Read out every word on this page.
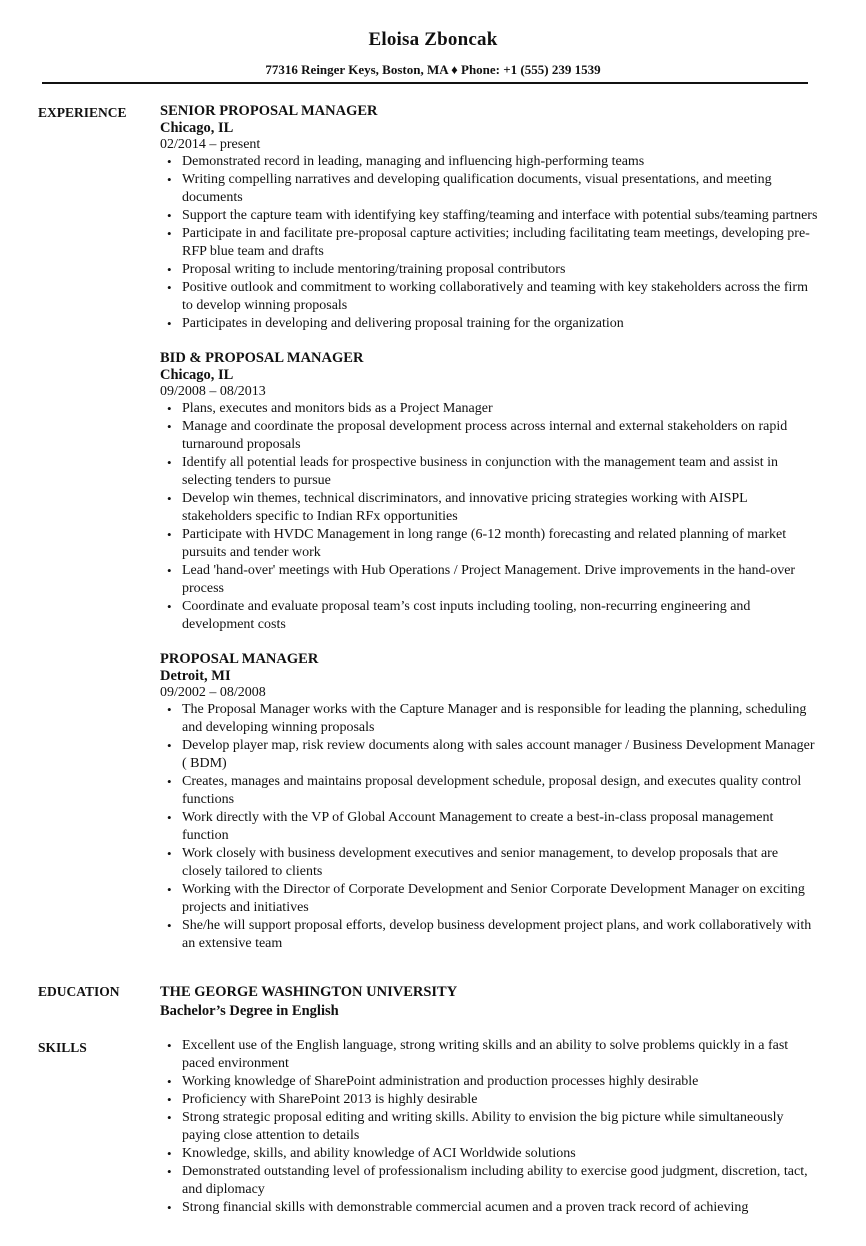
Eloisa Zboncak
77316 Reinger Keys, Boston, MA ♦ Phone: +1 (555) 239 1539
EXPERIENCE	SENIOR PROPOSAL MANAGER
Chicago, IL
02/2014 – present
• Demonstrated record in leading, managing and influencing high-performing teams
• Writing compelling narratives and developing qualification documents, visual presentations, and meeting documents
• Support the capture team with identifying key staffing/teaming and interface with potential subs/teaming partners
• Participate in and facilitate pre-proposal capture activities; including facilitating team meetings, developing pre-RFP blue team and drafts
• Proposal writing to include mentoring/training proposal contributors
• Positive outlook and commitment to working collaboratively and teaming with key stakeholders across the firm to develop winning proposals
• Participates in developing and delivering proposal training for the organization
BID & PROPOSAL MANAGER
Chicago, IL
09/2008 – 08/2013
• Plans, executes and monitors bids as a Project Manager
• Manage and coordinate the proposal development process across internal and external stakeholders on rapid turnaround proposals
• Identify all potential leads for prospective business in conjunction with the management team and assist in selecting tenders to pursue
• Develop win themes, technical discriminators, and innovative pricing strategies working with AISPL stakeholders specific to Indian RFx opportunities
• Participate with HVDC Management in long range (6-12 month) forecasting and related planning of market pursuits and tender work
• Lead 'hand-over' meetings with Hub Operations / Project Management. Drive improvements in the hand-over process
• Coordinate and evaluate proposal team’s cost inputs including tooling, non-recurring engineering and development costs
PROPOSAL MANAGER
Detroit, MI
09/2002 – 08/2008
• The Proposal Manager works with the Capture Manager and is responsible for leading the planning, scheduling and developing winning proposals
• Develop player map, risk review documents along with sales account manager / Business Development Manager ( BDM)
• Creates, manages and maintains proposal development schedule, proposal design, and executes quality control functions
• Work directly with the VP of Global Account Management to create a best-in-class proposal management function
• Work closely with business development executives and senior management, to develop proposals that are closely tailored to clients
• Working with the Director of Corporate Development and Senior Corporate Development Manager on exciting projects and initiatives
• She/he will support proposal efforts, develop business development project plans, and work collaboratively with an extensive team
EDUCATION	THE GEORGE WASHINGTON UNIVERSITY
Bachelor’s Degree in English
SKILLS
•	Excellent use of the English language, strong writing skills and an ability to solve problems quickly in a fast paced environment
• Working knowledge of SharePoint administration and production processes highly desirable
• Proficiency with SharePoint 2013 is highly desirable
• Strong strategic proposal editing and writing skills. Ability to envision the big picture while simultaneously paying close attention to details
• Knowledge, skills, and ability knowledge of ACI Worldwide solutions
• Demonstrated outstanding level of professionalism including ability to exercise good judgment, discretion, tact, and diplomacy
• Strong financial skills with demonstrable commercial acumen and a proven track record of achieving
